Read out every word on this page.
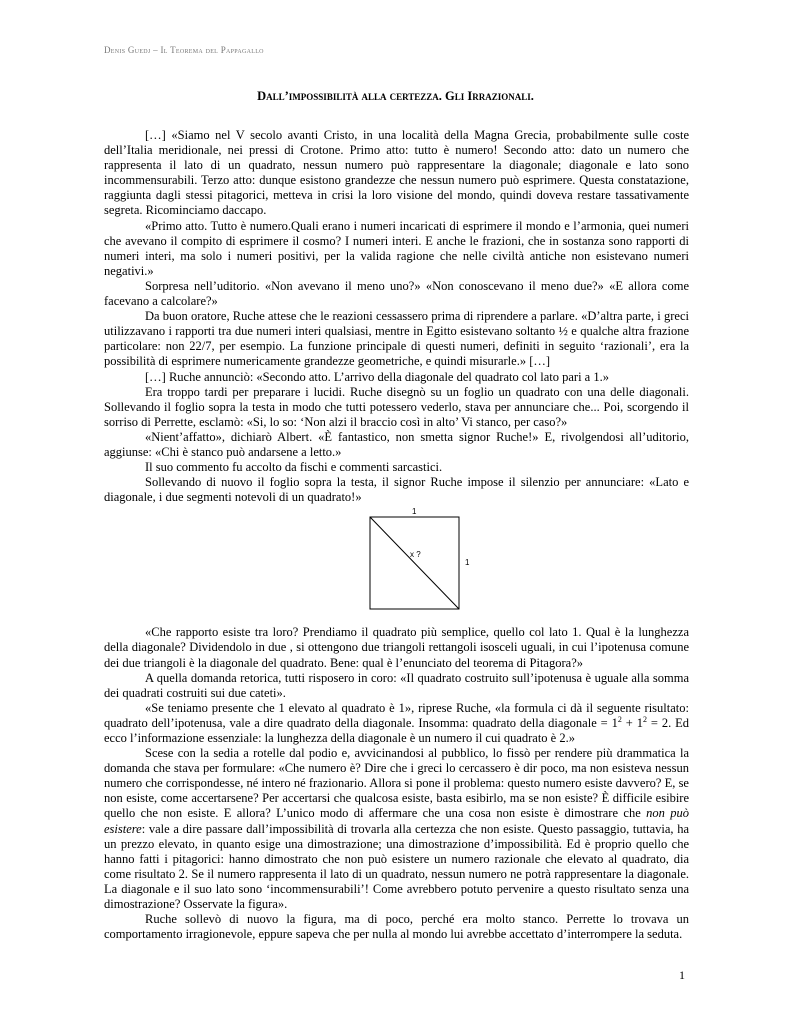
Denis Guedj – Il Teorema del Pappagallo
Dall’impossibilità alla certezza. Gli Irrazionali.

[…] «Siamo nel V secolo avanti Cristo, in una località della Magna Grecia, probabilmente sulle coste dell’Italia meridionale, nei pressi di Crotone. Primo atto: tutto è numero! Secondo atto: dato un numero che rappresenta il lato di un quadrato, nessun numero può rappresentare la diagonale; diagonale e lato sono incommensurabili. Terzo atto: dunque esistono grandezze che nessun numero può esprimere. Questa constatazione, raggiunta dagli stessi pitagorici, metteva in crisi la loro visione del mondo, quindi doveva restare tassativamente segreta. Ricominciamo daccapo.

«Primo atto. Tutto è numero.Quali erano i numeri incaricati di esprimere il mondo e l’armonia, quei numeri che avevano il compito di esprimere il cosmo? I numeri interi. E anche le frazioni, che in sostanza sono rapporti di numeri interi, ma solo i numeri positivi, per la valida ragione che nelle civiltà antiche non esistevano numeri negativi.»

Sorpresa nell’uditorio. «Non avevano il meno uno?» «Non conoscevano il meno due?» «E allora come facevano a calcolare?»

Da buon oratore, Ruche attese che le reazioni cessassero prima di riprendere a parlare. «D’altra parte, i greci utilizzavano i rapporti tra due numeri interi qualsiasi, mentre in Egitto esistevano soltanto ½ e qualche altra frazione particolare: non 22/7, per esempio. La funzione principale di questi numeri, definiti in seguito ‘razionali’, era la possibilità di esprimere numericamente grandezze geometriche, e quindi misurarle.» […]

[…] Ruche annunciò: «Secondo atto. L’arrivo della diagonale del quadrato col lato pari a 1.»

Era troppo tardi per preparare i lucidi. Ruche disegnò su un foglio un quadrato con una delle diagonali. Sollevando il foglio sopra la testa in modo che tutti potessero vederlo, stava per annunciare che... Poi, scorgendo il sorriso di Perrette, esclamò: «Si, lo so: ‘Non alzi il braccio così in alto’ Vi stanco, per caso?»

«Nient’affatto», dichiarò Albert. «È fantastico, non smetta signor Ruche!» E, rivolgendosi all’uditorio, aggiunse: «Chi è stanco può andarsene a letto.»

Il suo commento fu accolto da fischi e commenti sarcastici.

Sollevando di nuovo il foglio sopra la testa, il signor Ruche impose il silenzio per annunciare: «Lato e diagonale, i due segmenti notevoli di un quadrato!»

1
1
x ?

«Che rapporto esiste tra loro? Prendiamo il quadrato più semplice, quello col lato 1. Qual è la lunghezza della diagonale? Dividendolo in due , si ottengono due triangoli rettangoli isosceli uguali, in cui l’ipotenusa comune dei due triangoli è la diagonale del quadrato. Bene: qual è l’enunciato del teorema di Pitagora?»

A quella domanda retorica, tutti risposero in coro: «Il quadrato costruito sull’ipotenusa è uguale alla somma dei quadrati costruiti sui due cateti».

«Se teniamo presente che 1 elevato al quadrato è 1», riprese Ruche, «la formula ci dà il seguente risultato: quadrato dell’ipotenusa, vale a dire quadrato della diagonale. Insomma: quadrato della diagonale = $1^2 + 1^2 = 2$. Ed ecco l’informazione essenziale: la lunghezza della diagonale è un numero il cui quadrato è 2.»

Scese con la sedia a rotelle dal podio e, avvicinandosi al pubblico, lo fissò per rendere più drammatica la domanda che stava per formulare: «Che numero è? Dire che i greci lo cercassero è dir poco, ma non esisteva nessun numero che corrispondesse, né intero né frazionario. Allora si pone il problema: questo numero esiste davvero? E, se non esiste, come accertarsene? Per accertarsi che qualcosa esiste, basta esibirlo, ma se non esiste? È difficile esibire quello che non esiste. E allora? L’unico modo di affermare che una cosa non esiste è dimostrare che non può esistere: vale a dire passare dall’impossibilità di trovarla alla certezza che non esiste. Questo passaggio, tuttavia, ha un prezzo elevato, in quanto esige una dimostrazione; una dimostrazione d’impossibilità. Ed è proprio quello che hanno fatti i pitagorici: hanno dimostrato che non può esistere un numero razionale che elevato al quadrato, dia come risultato 2. Se il numero rappresenta il lato di un quadrato, nessun numero ne potrà rappresentare la diagonale. La diagonale e il suo lato sono ‘incommensurabili’! Come avrebbero potuto pervenire a questo risultato senza una dimostrazione? Osservate la figura».

Ruche sollevò di nuovo la figura, ma di poco, perché era molto stanco. Perrette lo trovava un comportamento irragionevole, eppure sapeva che per nulla al mondo lui avrebbe accettato d’interrompere la seduta.

1
